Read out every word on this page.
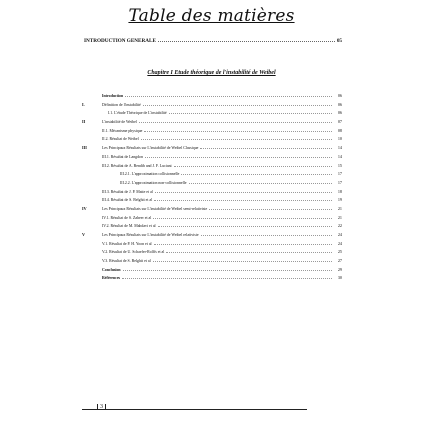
Table des matières
INTRODUCTION GENERALE	05
Chapitre I Etude théorique de l'instabilité de Weibel
Introduction	06
I.	Définition de l'instabilité	06
I.1. L'étude Théorique de L'instabilité	06
II	L'instabilité de Weibel	07
II.1. Mécanisme physique	08
II.2. Résultat de Weibel	10
III	Les Principaux Résultats sur L'instabilité de Weibel Classique	14
III.1. Résultat de Langdon	14
III.2. Résultat de A. Bendib and J. F. Luciani	15
III.2.1. L'approximation collisionnelle	17
III.2.2. L'approximation non-collisionnelle	17
III.3. Résultat de J. P. Matte et al	18
III.4. Résultat de S. Belghit et al	19
IV	Les Principaux Résultats sur L'instabilité de Weibel semi-relativiste	21
IV.1. Résultat de S. Zaheer et al	21
IV.2. Résultat de M. Mahdavi et al	22
V	Les Principaux Résultats sur L'instabilité de Weibel relativiste	24
V.1. Résultat de P. H. Yoon et al	24
V.2. Résultat de U. Schaefer-Rolffs et al	25
V.3. Résultat de S. Belghit et al	27
Conclusion	29
Références	30
3
